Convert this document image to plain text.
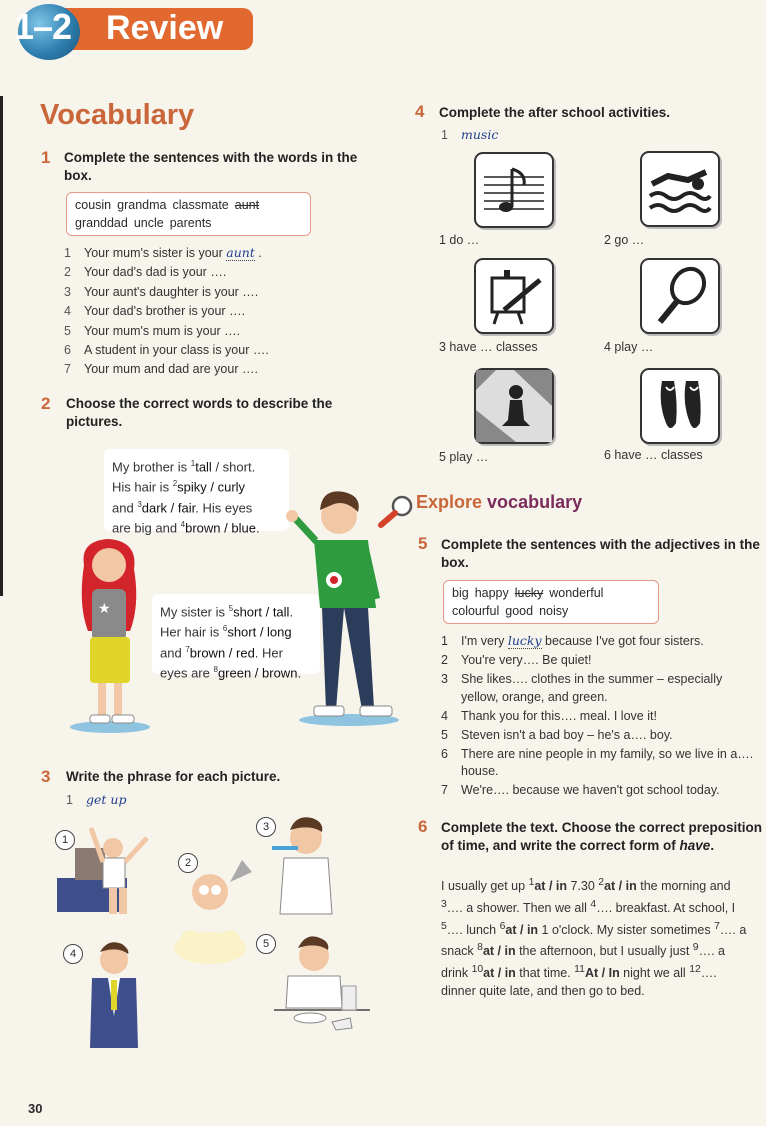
1–2 Review
Vocabulary
1 Complete the sentences with the words in the box.
cousin grandma classmate aunt
granddad uncle parents
1 Your mum's sister is your aunt .
2 Your dad's dad is your ….
3 Your aunt's daughter is your ….
4 Your dad's brother is your ….
5 Your mum's mum is your ….
6 A student in your class is your ….
7 Your mum and dad are your ….
2 Choose the correct words to describe the pictures.
My brother is $^1$tall / short.
His hair is $^2$spiky / curly
and $^3$dark / fair. His eyes
are big and $^4$brown / blue.
My sister is $^5$short / tall.
Her hair is $^6$short / long
and $^7$brown / red. Her
eyes are $^8$green / brown.
★
3 Write the phrase for each picture.
1 get up
1
2
3
4
5
4 Complete the after school activities.
1 music
1 do …	2 go …
3 have … classes	4 play …
5 play …	6 have … classes
Explore vocabulary
5 Complete the sentences with the adjectives in the box.
big happy lucky wonderful
colourful good noisy
1 I'm very lucky because I've got four sisters.
2 You're very…. Be quiet!
3 She likes…. clothes in the summer – especially yellow, orange, and green.
4 Thank you for this…. meal. I love it!
5 Steven isn't a bad boy – he's a…. boy.
6 There are nine people in my family, so we live in a…. house.
7 We're…. because we haven't got school today.
6 Complete the text. Choose the correct preposition of time, and write the correct form of have.
I usually get up $^1$at / in 7.30 $^2$at / in the morning and $^3$…. a shower. Then we all $^4$…. breakfast. At school, I $^5$…. lunch $^6$at / in 1 o'clock. My sister sometimes $^7$…. a snack $^8$at / in the afternoon, but I usually just $^9$…. a drink $^{10}$at / in that time. $^{11}$At / In night we all $^{12}$…. dinner quite late, and then go to bed.
30
